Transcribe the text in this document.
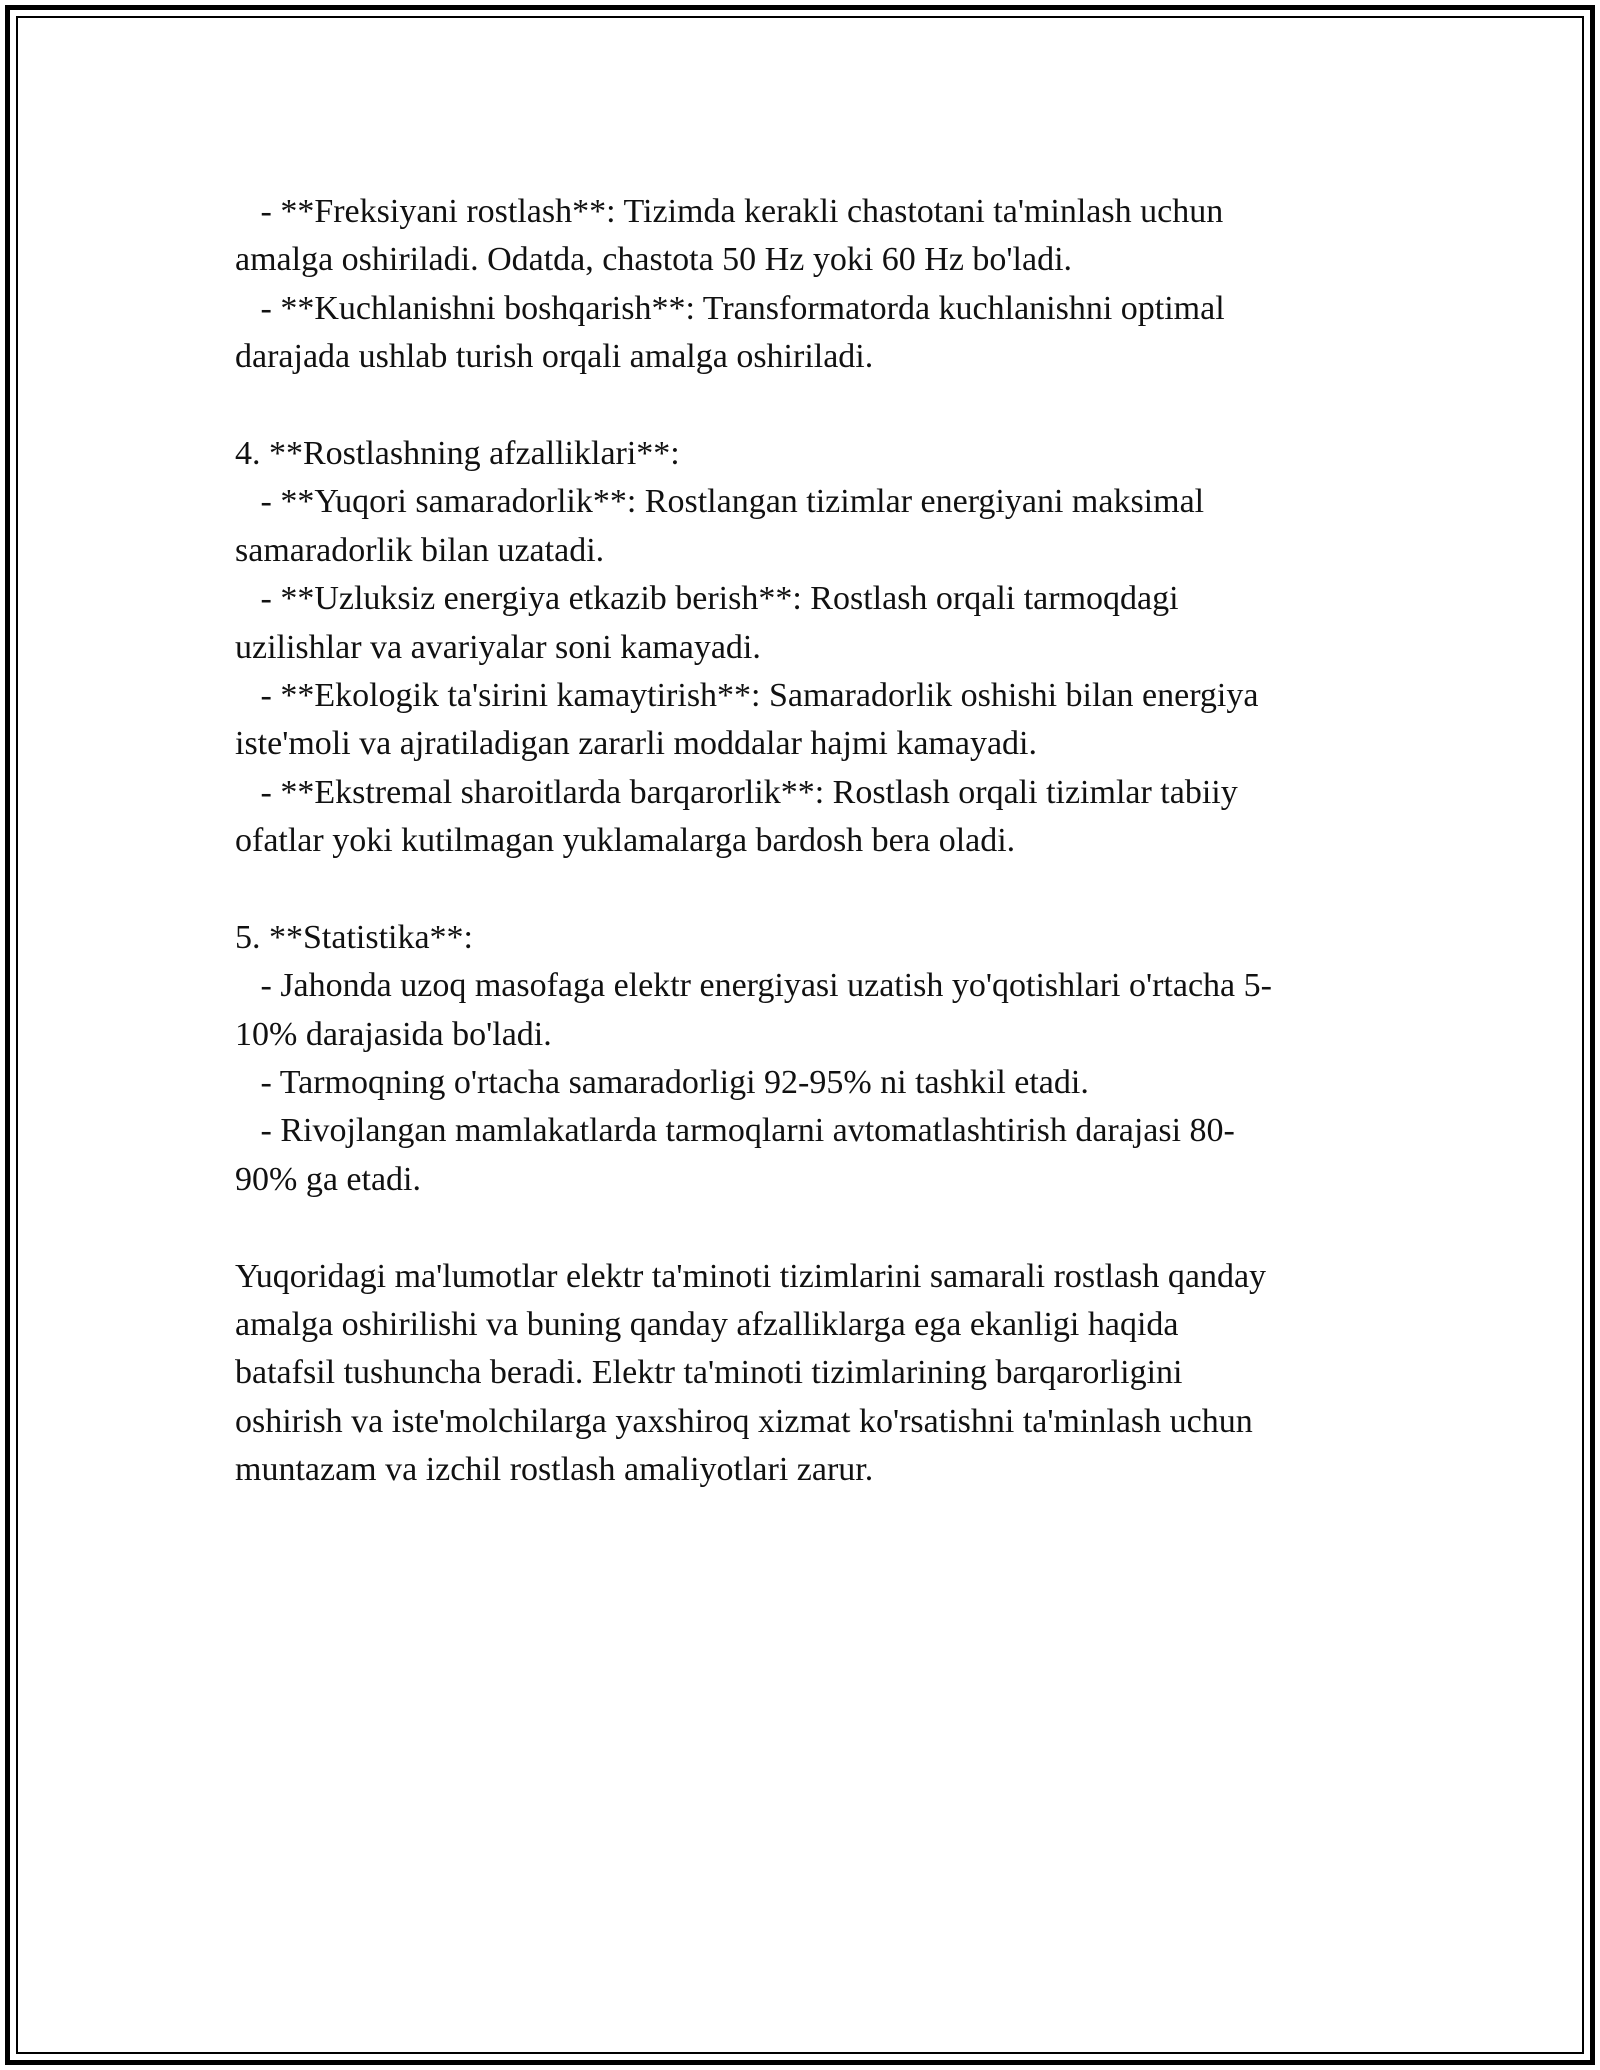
- **Freksiyani rostlash**: Tizimda kerakli chastotani ta'minlash uchun
amalga oshiriladi. Odatda, chastota 50 Hz yoki 60 Hz bo'ladi.
- **Kuchlanishni boshqarish**: Transformatorda kuchlanishni optimal
darajada ushlab turish orqali amalga oshiriladi.
4. **Rostlashning afzalliklari**:
- **Yuqori samaradorlik**: Rostlangan tizimlar energiyani maksimal
samaradorlik bilan uzatadi.
- **Uzluksiz energiya etkazib berish**: Rostlash orqali tarmoqdagi
uzilishlar va avariyalar soni kamayadi.
- **Ekologik ta'sirini kamaytirish**: Samaradorlik oshishi bilan energiya
iste'moli va ajratiladigan zararli moddalar hajmi kamayadi.
- **Ekstremal sharoitlarda barqarorlik**: Rostlash orqali tizimlar tabiiy
ofatlar yoki kutilmagan yuklamalarga bardosh bera oladi.
5. **Statistika**:
- Jahonda uzoq masofaga elektr energiyasi uzatish yo'qotishlari o'rtacha 5-
10% darajasida bo'ladi.
- Tarmoqning o'rtacha samaradorligi 92-95% ni tashkil etadi.
- Rivojlangan mamlakatlarda tarmoqlarni avtomatlashtirish darajasi 80-
90% ga etadi.
Yuqoridagi ma'lumotlar elektr ta'minoti tizimlarini samarali rostlash qanday
amalga oshirilishi va buning qanday afzalliklarga ega ekanligi haqida
batafsil tushuncha beradi. Elektr ta'minoti tizimlarining barqarorligini
oshirish va iste'molchilarga yaxshiroq xizmat ko'rsatishni ta'minlash uchun
muntazam va izchil rostlash amaliyotlari zarur.
